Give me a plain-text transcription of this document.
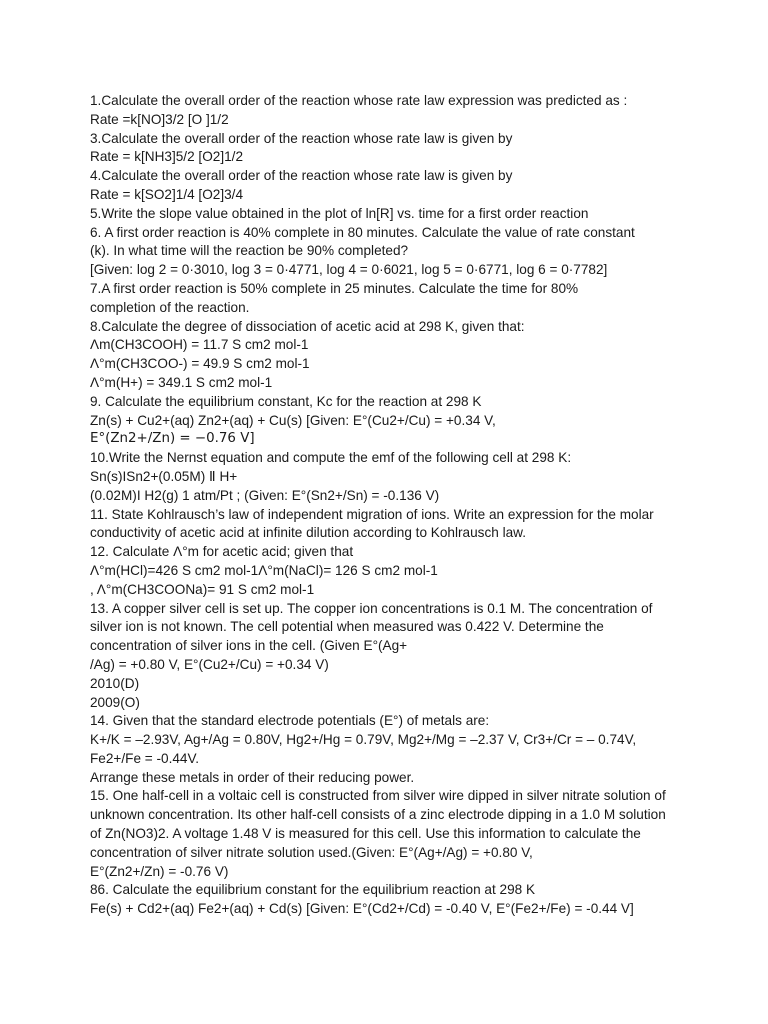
1.Calculate the overall order of the reaction whose rate law expression was predicted as :
Rate =k[NO]3/2 [O ]1/2
3.Calculate the overall order of the reaction whose rate law is given by
Rate = k[NH3]5/2 [O2]1/2
4.Calculate the overall order of the reaction whose rate law is given by
Rate = k[SO2]1/4 [O2]3/4
5.Write the slope value obtained in the plot of ln[R] vs. time for a first order reaction
6. A first order reaction is 40% complete in 80 minutes. Calculate the value of rate constant
(k). In what time will the reaction be 90% completed?
[Given: log 2 = 0·3010, log 3 = 0·4771, log 4 = 0·6021, log 5 = 0·6771, log 6 = 0·7782]
7.A first order reaction is 50% complete in 25 minutes. Calculate the time for 80%
completion of the reaction.
8.Calculate the degree of dissociation of acetic acid at 298 K, given that:
Λm(CH3COOH) = 11.7 S cm2 mol-1
Λ°m(CH3COO-) = 49.9 S cm2 mol-1
Λ°m(H+) = 349.1 S cm2 mol-1
9. Calculate the equilibrium constant, Kc for the reaction at 298 K
Zn(s) + Cu2+(aq) Zn2+(aq) + Cu(s) [Given: E°(Cu2+/Cu) = +0.34 V,
E°(Zn2+/Zn) = −0.76 V]
10.Write the Nernst equation and compute the emf of the following cell at 298 K:
Sn(s)ISn2+(0.05M) Ⅱ H+
(0.02M)I H2(g) 1 atm/Pt ; (Given: E°(Sn2+/Sn) = -0.136 V)
11. State Kohlrausch’s law of independent migration of ions. Write an expression for the molar
conductivity of acetic acid at infinite dilution according to Kohlrausch law.
12. Calculate Λ°m for acetic acid; given that
Λ°m(HCl)=426 S cm2 mol-1Λ°m(NaCl)= 126 S cm2 mol-1
, Λ°m(CH3COONa)= 91 S cm2 mol-1
13. A copper silver cell is set up. The copper ion concentrations is 0.1 M. The concentration of
silver ion is not known. The cell potential when measured was 0.422 V. Determine the
concentration of silver ions in the cell. (Given E°(Ag+
/Ag) = +0.80 V, E°(Cu2+/Cu) = +0.34 V)
2010(D)
2009(O)
14. Given that the standard electrode potentials (E°) of metals are:
K+/K = –2.93V, Ag+/Ag = 0.80V, Hg2+/Hg = 0.79V, Mg2+/Mg = –2.37 V, Cr3+/Cr = – 0.74V,
Fe2+/Fe = -0.44V.
Arrange these metals in order of their reducing power.
15. One half-cell in a voltaic cell is constructed from silver wire dipped in silver nitrate solution of
unknown concentration. Its other half-cell consists of a zinc electrode dipping in a 1.0 M solution
of Zn(NO3)2. A voltage 1.48 V is measured for this cell. Use this information to calculate the
concentration of silver nitrate solution used.(Given: E°(Ag+/Ag) = +0.80 V,
E°(Zn2+/Zn) = -0.76 V)
86. Calculate the equilibrium constant for the equilibrium reaction at 298 K
Fe(s) + Cd2+(aq) Fe2+(aq) + Cd(s) [Given: E°(Cd2+/Cd) = -0.40 V, E°(Fe2+/Fe) = -0.44 V]
